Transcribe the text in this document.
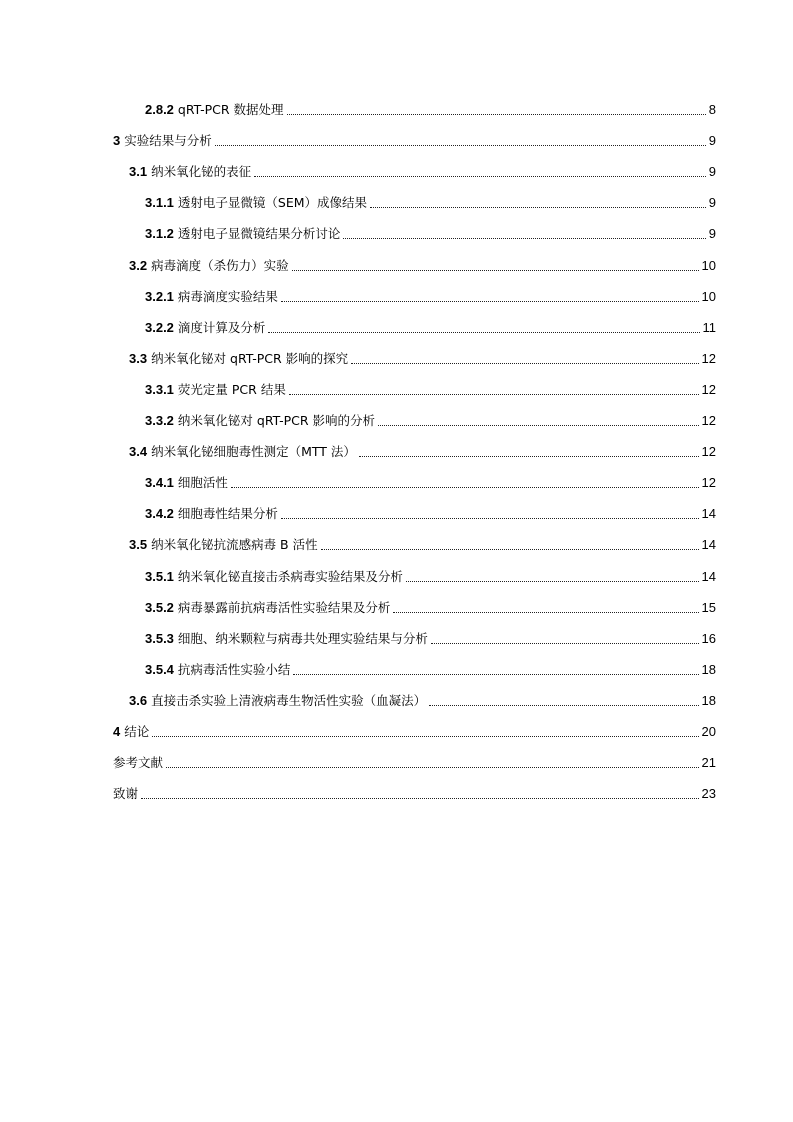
2.8.2 qRT-PCR 数据处理	8
3 实验结果与分析	9
3.1 纳米氧化铋的表征	9
3.1.1 透射电子显微镜（SEM）成像结果	9
3.1.2 透射电子显微镜结果分析讨论	9
3.2 病毒滴度（杀伤力）实验	10
3.2.1 病毒滴度实验结果	10
3.2.2 滴度计算及分析	11
3.3 纳米氧化铋对 qRT-PCR 影响的探究	12
3.3.1 荧光定量 PCR 结果	12
3.3.2 纳米氧化铋对 qRT-PCR 影响的分析	12
3.4 纳米氧化铋细胞毒性测定（MTT 法）	12
3.4.1 细胞活性	12
3.4.2 细胞毒性结果分析	14
3.5 纳米氧化铋抗流感病毒 B 活性	14
3.5.1 纳米氧化铋直接击杀病毒实验结果及分析	14
3.5.2 病毒暴露前抗病毒活性实验结果及分析	15
3.5.3 细胞、纳米颗粒与病毒共处理实验结果与分析	16
3.5.4 抗病毒活性实验小结	18
3.6 直接击杀实验上清液病毒生物活性实验（血凝法）	18
4 结论	20
参考文献	21
致谢	23
